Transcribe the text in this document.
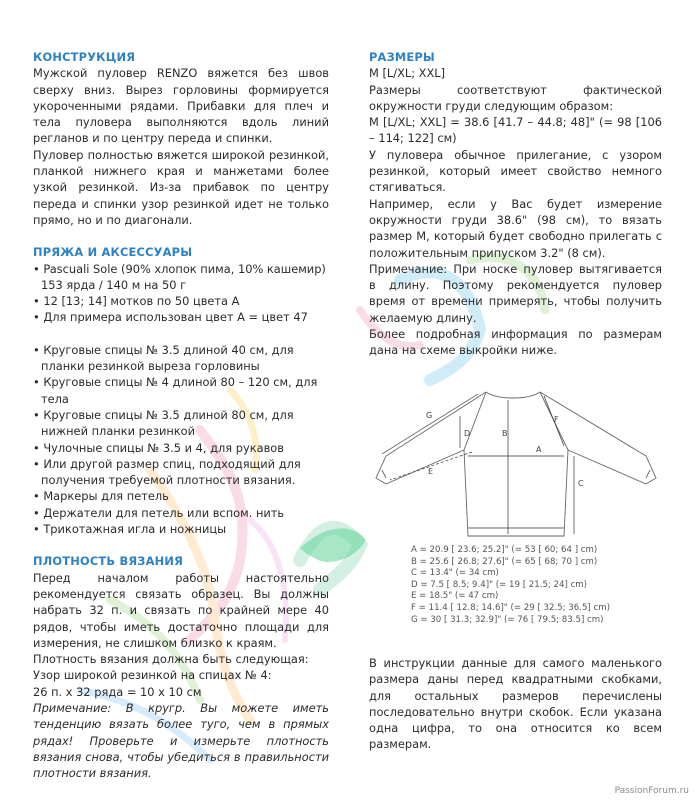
КОНСТРУКЦИЯ

Мужской пуловер RENZO вяжется без швов сверху вниз. Вырез горловины формируется укороченными рядами. Прибавки для плеч и тела пуловера выполняются вдоль линий регланов и по центру переда и спинки.

Пуловер полностью вяжется широкой резинкой, планкой нижнего края и манжетами более узкой резинкой. Из-за прибавок по центру переда и спинки узор резинкой идет не только прямо, но и по диагонали.

ПРЯЖА И АКСЕССУАРЫ
• Pascuali Sole (90% хлопок пима, 10% кашемир) 153 ярда / 140 м на 50 г
• 12 [13; 14] мотков по 50 цвета А
• Для примера использован цвет А = цвет 47
• Круговые спицы № 3.5 длиной 40 см, для планки резинкой выреза горловины
• Круговые спицы № 4 длиной 80 – 120 см, для тела
• Круговые спицы № 3.5 длиной 80 см, для нижней планки резинкой
• Чулочные спицы № 3.5 и 4, для рукавов
• Или другой размер спиц, подходящий для получения требуемой плотности вязания.
• Маркеры для петель
• Держатели для петель или вспом. нить
• Трикотажная игла и ножницы
ПЛОТНОСТЬ ВЯЗАНИЯ

Перед началом работы настоятельно рекомендуется связать образец. Вы должны набрать 32 п. и связать по крайней мере 40 рядов, чтобы иметь достаточно площади для измерения, не слишком близко к краям.

Плотность вязания должна быть следующая:

Узор широкой резинкой на спицах № 4:

26 п. х 32 ряда = 10 х 10 см

Примечание: В кругр. Вы можете иметь тенденцию вязать более туго, чем в прямых рядах! Проверьте и измерьте плотность вязания снова, чтобы убедиться в правильности плотности вязания.

РАЗМЕРЫ

M [L/XL; XXL]

Размеры соответствуют фактической окружности груди следующим образом:

M [L/XL; XXL] = 38.6 [41.7 – 44.8; 48]" (= 98 [106 – 114; 122] см)

У пуловера обычное прилегание, с узором резинкой, который имеет свойство немного стягиваться.

Например, если у Вас будет измерение окружности груди 38.6" (98 см), то вязать размер М, который будет свободно прилегать с положительным припуском 3.2" (8 см).

Примечание: При носке пуловер вытягивается в длину. Поэтому рекомендуется пуловер время от времени примерять, чтобы получить желаемую длину.

Более подробная информация по размерам дана на схеме выкройки ниже.

G
D	B
F
A
E
C
A = 20.9 [ 23.6; 25.2]" (= 53 [ 60; 64 ] cm)
B = 25.6 [ 26.8; 27.6]" (= 65 [ 68; 70 ] cm)
C = 13.4" (= 34 cm)
D = 7.5 [ 8.5; 9.4]" (= 19 [ 21.5; 24] cm)
E = 18.5" (= 47 cm)
F = 11.4 [ 12.8; 14.6]" (= 29 [ 32.5; 36.5] cm)
G = 30 [ 31.3; 32.9]" (= 76 [ 79.5; 83.5] cm)

В инструкции данные для самого маленького размера даны перед квадратными скобками, для остальных размеров перечислены последовательно внутри скобок. Если указана одна цифра, то она относится ко всем размерам.

PassionForum.ru
